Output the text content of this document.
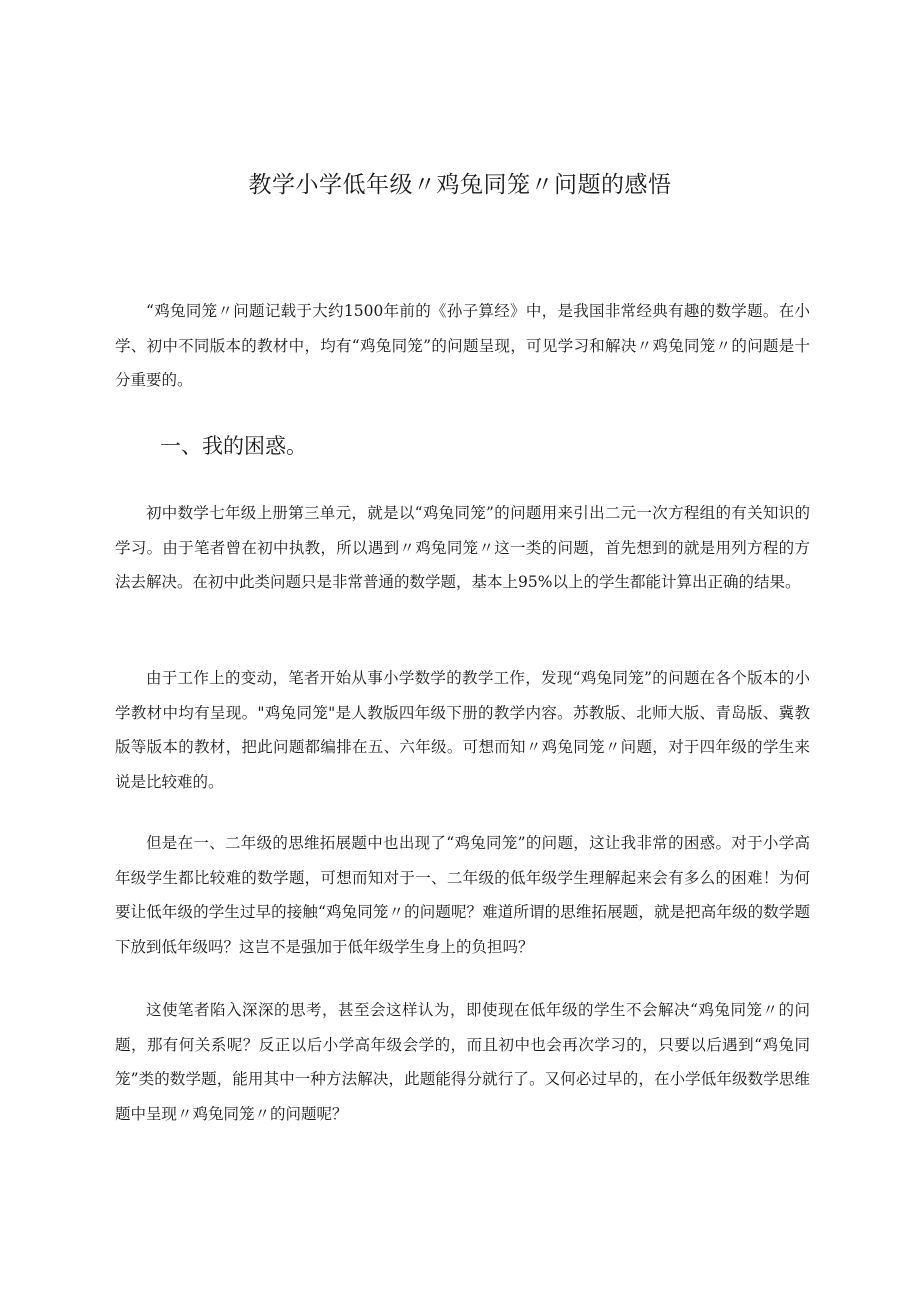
教学小学低年级〃鸡兔同笼〃问题的感悟

“鸡兔同笼〃问题记载于大约1500年前的《孙子算经》中，是我国非常经典有趣的数学题。在小学、初中不同版本的教材中，均有“鸡兔同笼”的问题呈现，可见学习和解决〃鸡兔同笼〃的问题是十分重要的。

一、我的困惑。

初中数学七年级上册第三单元，就是以“鸡兔同笼”的问题用来引出二元一次方程组的有关知识的学习。由于笔者曾在初中执教，所以遇到〃鸡兔同笼〃这一类的问题，首先想到的就是用列方程的方法去解决。在初中此类问题只是非常普通的数学题，基本上95%以上的学生都能计算出正确的结果。

由于工作上的变动，笔者开始从事小学数学的教学工作，发现“鸡兔同笼”的问题在各个版本的小学教材中均有呈现。"鸡兔同笼"是人教版四年级下册的教学内容。苏教版、北师大版、青岛版、冀教版等版本的教材，把此问题都编排在五、六年级。可想而知〃鸡兔同笼〃问题，对于四年级的学生来说是比较难的。

但是在一、二年级的思维拓展题中也出现了“鸡兔同笼”的问题，这让我非常的困惑。对于小学高年级学生都比较难的数学题，可想而知对于一、二年级的低年级学生理解起来会有多么的困难！为何要让低年级的学生过早的接触“鸡兔同笼〃的问题呢？难道所谓的思维拓展题，就是把高年级的数学题下放到低年级吗？这岂不是强加于低年级学生身上的负担吗？

这使笔者陷入深深的思考，甚至会这样认为，即使现在低年级的学生不会解决“鸡兔同笼〃的问题，那有何关系呢？反正以后小学高年级会学的，而且初中也会再次学习的，只要以后遇到“鸡兔同笼”类的数学题，能用其中一种方法解决，此题能得分就行了。又何必过早的，在小学低年级数学思维题中呈现〃鸡兔同笼〃的问题呢？
